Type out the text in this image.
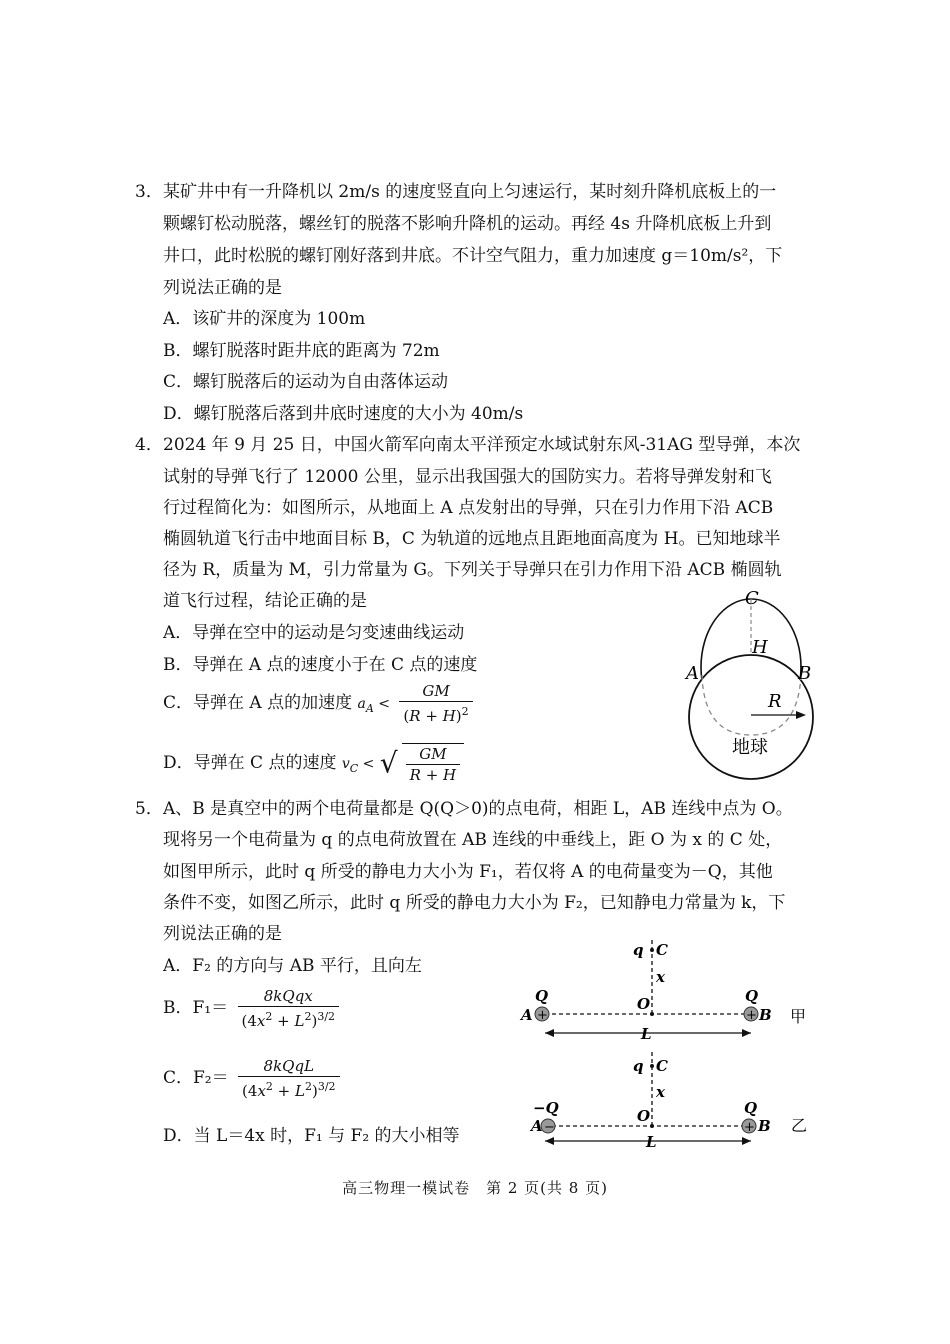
3． 某矿井中有一升降机以 2m/s 的速度竖直向上匀速运行，某时刻升降机底板上的一
颗螺钉松动脱落，螺丝钉的脱落不影响升降机的运动。再经 4s 升降机底板上升到
井口，此时松脱的螺钉刚好落到井底。不计空气阻力，重力加速度 g＝10m/s²，下
列说法正确的是
A．该矿井的深度为 100m
B．螺钉脱落时距井底的距离为 72m
C．螺钉脱落后的运动为自由落体运动
D．螺钉脱落后落到井底时速度的大小为 40m/s
4． 2024 年 9 月 25 日，中国火箭军向南太平洋预定水域试射东风-31AG 型导弹，本次
试射的导弹飞行了 12000 公里，显示出我国强大的国防实力。若将导弹发射和飞
行过程简化为：如图所示，从地面上 A 点发射出的导弹，只在引力作用下沿 ACB
椭圆轨道飞行击中地面目标 B，C 为轨道的远地点且距地面高度为 H。已知地球半
径为 R，质量为 M，引力常量为 G。下列关于导弹只在引力作用下沿 ACB 椭圆轨
道飞行过程，结论正确的是
A．导弹在空中的运动是匀变速曲线运动
B．导弹在 A 点的速度小于在 C 点的速度
C．导弹在 A 点的加速度 $a_A < \frac{GM}{(R + H)^2}$
D．导弹在 C 点的速度 $v_C$ < √ $\frac{GM}{R + H}$
C
H
A	B
R
地球
5． A、B 是真空中的两个电荷量都是 Q(Q＞0)的点电荷，相距 L，AB 连线中点为 O。
现将另一个电荷量为 q 的点电荷放置在 AB 连线的中垂线上，距 O 为 x 的 C 处，
如图甲所示，此时 q 所受的静电力大小为 F₁，若仅将 A 的电荷量变为－Q，其他
条件不变，如图乙所示，此时 q 所受的静电力大小为 F₂，已知静电力常量为 k，下
列说法正确的是
A．F₂ 的方向与 AB 平行，且向左
B．$F_1= \frac{\text{8kQqx}}{(4x^2 + L^2)^{3/2}}$
C．$F_2= \frac{\text{8kQqL}}{(4x^2 + L^2)^{3/2}}$
D．当 L＝4x 时，F₁ 与 F₂ 的大小相等
+	+
q C
x
Q	Q
A	B
O
L
甲
−	+
q C
x
−Q	Q
A	B
O
L
乙
高三物理一模试卷　第 2 页(共 8 页)
